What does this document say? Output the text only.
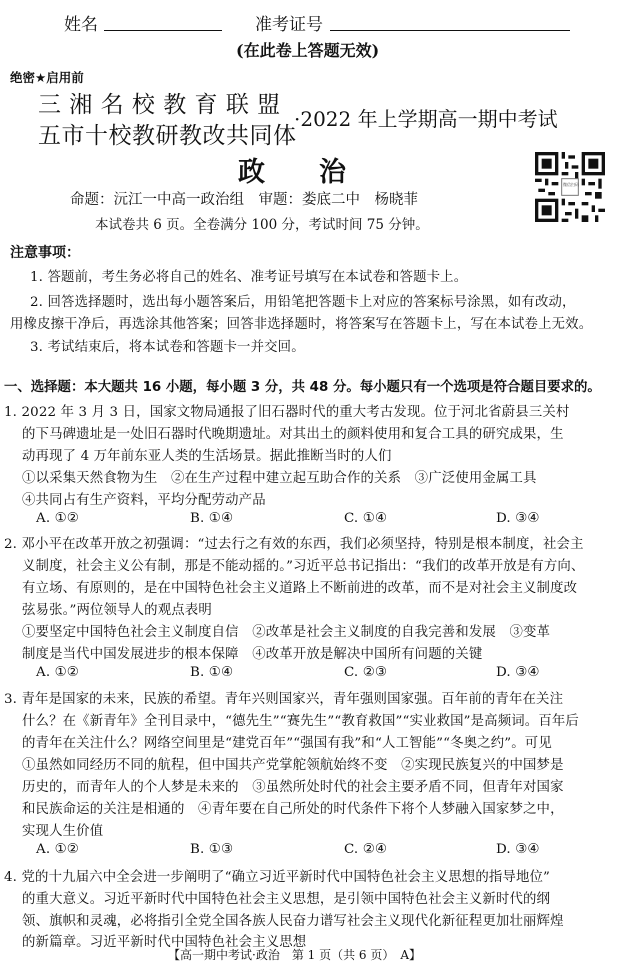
姓名	准考证号
(在此卷上答题无效)
绝密★启用前
三 湘 名 校 教 育 联 盟
五市十校教研教改共同体
·2022 年上学期高一期中考试
政　　治	微信扫码
命题：沅江一中高一政治组　审题：娄底二中　杨晓菲
本试卷共 6 页。全卷满分 100 分，考试时间 75 分钟。
注意事项：
1. 答题前，考生务必将自己的姓名、准考证号填写在本试卷和答题卡上。
2. 回答选择题时，选出每小题答案后，用铅笔把答题卡上对应的答案标号涂黑，如有改动，
用橡皮擦干净后，再选涂其他答案；回答非选择题时，将答案写在答题卡上，写在本试卷上无效。
3. 考试结束后，将本试卷和答题卡一并交回。
一、选择题：本大题共 16 小题，每小题 3 分，共 48 分。每小题只有一个选项是符合题目要求的。
1. 2022 年 3 月 3 日，国家文物局通报了旧石器时代的重大考古发现。位于河北省蔚县三关村
的下马碑遗址是一处旧石器时代晚期遗址。对其出土的颜料使用和复合工具的研究成果，生
动再现了 4 万年前东亚人类的生活场景。据此推断当时的人们
①以采集天然食物为生　②在生产过程中建立起互助合作的关系　③广泛使用金属工具
④共同占有生产资料，平均分配劳动产品
A. ①②	B. ①④	C. ①④	D. ③④
2. 邓小平在改革开放之初强调：“过去行之有效的东西，我们必须坚持，特别是根本制度，社会主
义制度，社会主义公有制，那是不能动摇的。”习近平总书记指出：“我们的改革开放是有方向、
有立场、有原则的，是在中国特色社会主义道路上不断前进的改革，而不是对社会主义制度改
弦易张。”两位领导人的观点表明
①要坚定中国特色社会主义制度自信　②改革是社会主义制度的自我完善和发展　③变革
制度是当代中国发展进步的根本保障　④改革开放是解决中国所有问题的关键
A. ①②	B. ①④	C. ②③	D. ③④
3. 青年是国家的未来，民族的希望。青年兴则国家兴，青年强则国家强。百年前的青年在关注
什么？在《新青年》全刊目录中，“德先生”“赛先生”“教育救国”“实业救国”是高频词。百年后
的青年在关注什么？网络空间里是“建党百年”“强国有我”和“人工智能”“冬奥之约”。可见
①虽然如同经历不同的航程，但中国共产党掌舵领航始终不变　②实现民族复兴的中国梦是
历史的，而青年人的个人梦是未来的　③虽然所处时代的社会主要矛盾不同，但青年对国家
和民族命运的关注是相通的　④青年要在自己所处的时代条件下将个人梦融入国家梦之中，
实现人生价值
A. ①②	B. ①③	C. ②④	D. ③④
4. 党的十九届六中全会进一步阐明了“确立习近平新时代中国特色社会主义思想的指导地位”
的重大意义。习近平新时代中国特色社会主义思想，是引领中国特色社会主义新时代的纲
领、旗帜和灵魂，必将指引全党全国各族人民奋力谱写社会主义现代化新征程更加壮丽辉煌
的新篇章。习近平新时代中国特色社会主义思想
【高一期中考试·政治　第 1 页（共 6 页）　A】
